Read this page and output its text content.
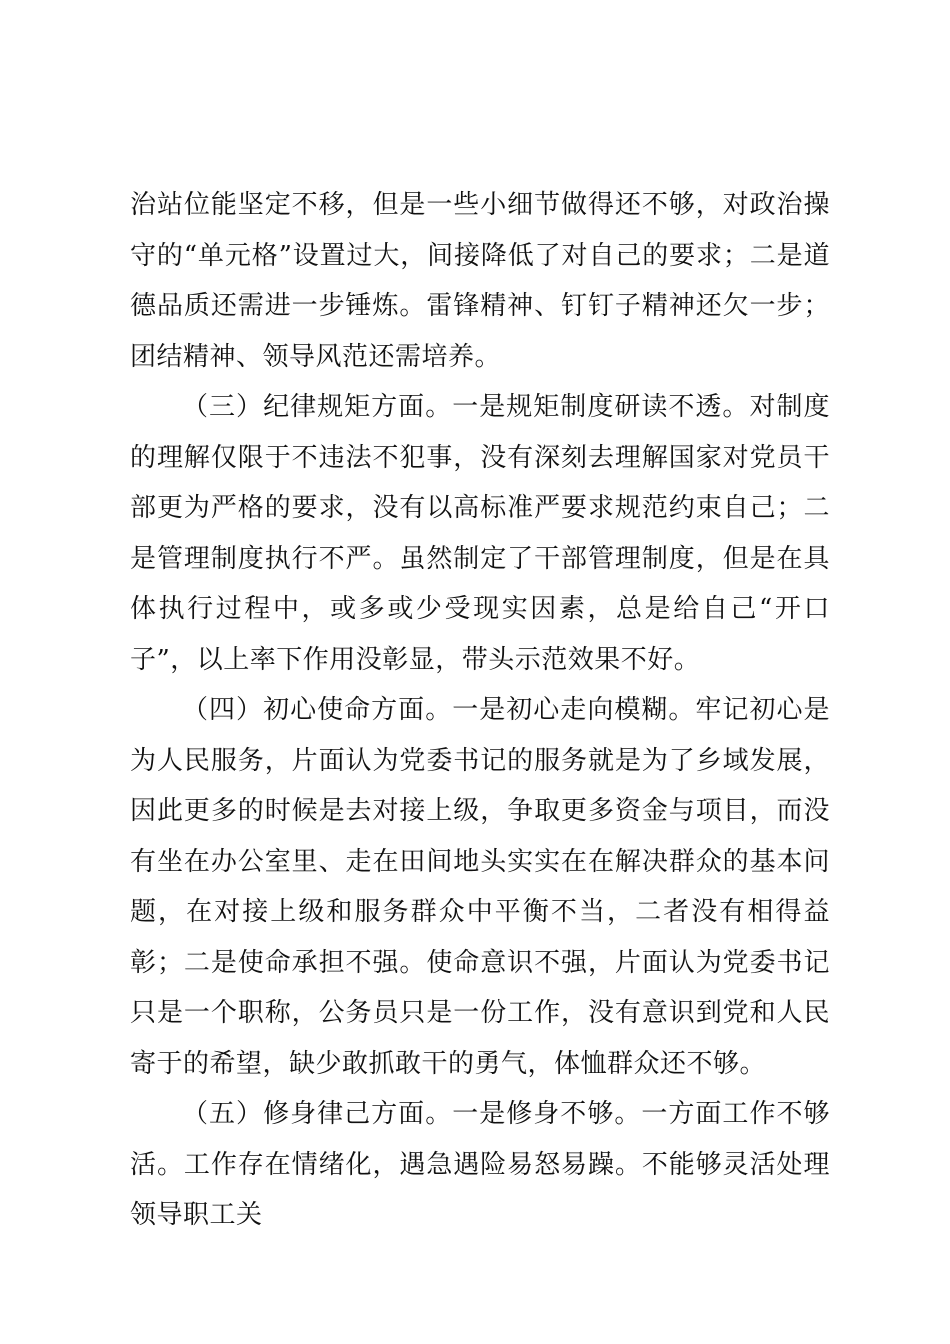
治站位能坚定不移，但是一些小细节做得还不够，对政治操守的“单元格”设置过大，间接降低了对自己的要求；二是道德品质还需进一步锤炼。雷锋精神、钉钉子精神还欠一步；团结精神、领导风范还需培养。

（三）纪律规矩方面。一是规矩制度研读不透。对制度的理解仅限于不违法不犯事，没有深刻去理解国家对党员干部更为严格的要求，没有以高标准严要求规范约束自己；二是管理制度执行不严。虽然制定了干部管理制度，但是在具体执行过程中，或多或少受现实因素，总是给自己“开口子”，以上率下作用没彰显，带头示范效果不好。

（四）初心使命方面。一是初心走向模糊。牢记初心是为人民服务，片面认为党委书记的服务就是为了乡域发展，因此更多的时候是去对接上级，争取更多资金与项目，而没有坐在办公室里、走在田间地头实实在在解决群众的基本问题，在对接上级和服务群众中平衡不当，二者没有相得益彰；二是使命承担不强。使命意识不强，片面认为党委书记只是一个职称，公务员只是一份工作，没有意识到党和人民寄于的希望，缺少敢抓敢干的勇气，体恤群众还不够。

（五）修身律己方面。一是修身不够。一方面工作不够活。工作存在情绪化，遇急遇险易怒易躁。不能够灵活处理领导职工关
